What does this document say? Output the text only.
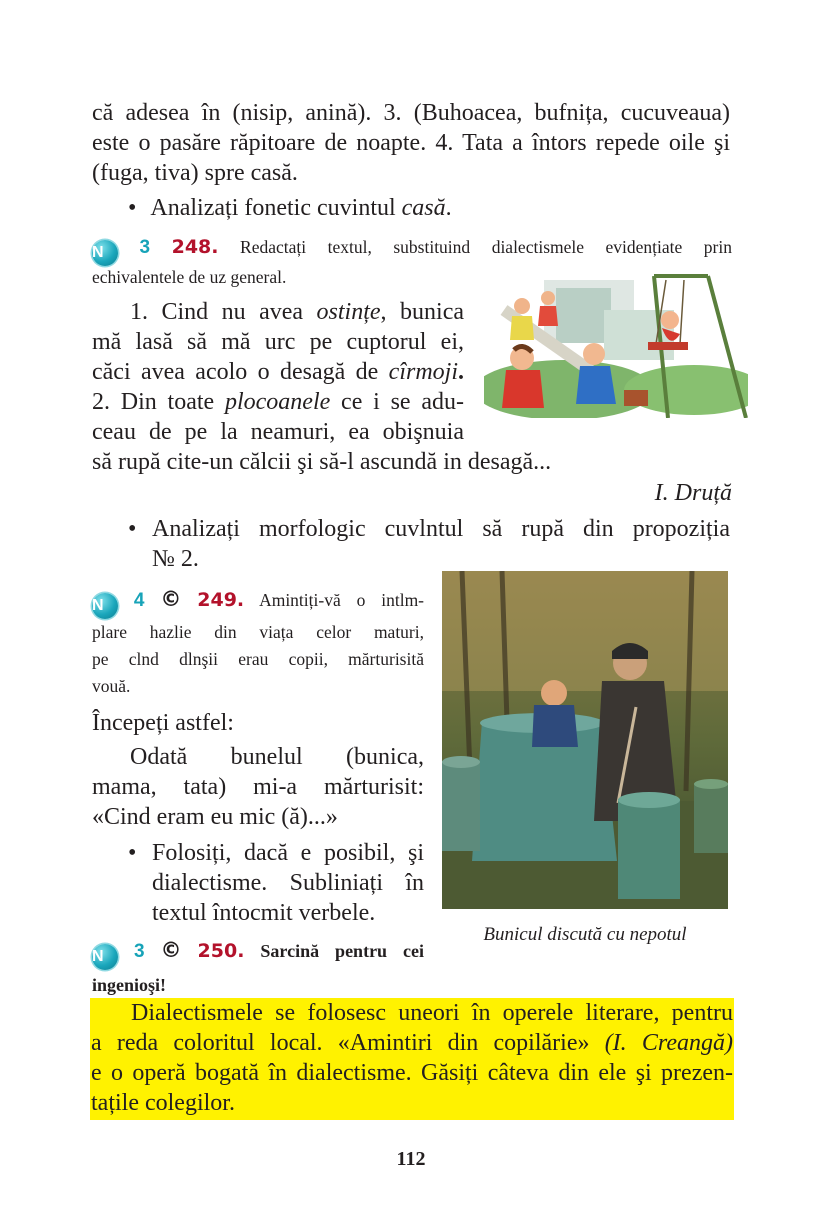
că adesea în (nisip, anină). 3. (Buhoacea, bufnița, cucuveaua)
este o pasăre răpitoare de noapte. 4. Tata a întors repede oile şi
(fuga, tiva) spre casă.
• Analizați fonetic cuvintul casă.
N 3 248. Redactați textul, substituind dialectismele evidențiate prin
echivalentele de uz general.
1. Cind nu avea ostințe, bunica
mă lasă să mă urc pe cuptorul ei,
căci avea acolo o desagă de cîrmoji.
2. Din toate plocoanele ce i se adu-
ceau de pe la neamuri, ea obişnuia
să rupă cite-un călcii şi să-l ascundă in desagă...
I. Druță
• Analizați morfologic cuvlntul să rupă din propoziția
№ 2.
N 4 © 249. Amintiți-vă o intlm-
plare hazlie din viața celor maturi,
pe clnd dlnşii erau copii, mărturisită
vouă.
Începeți astfel:
Odată bunelul (bunica,
mama, tata) mi-a mărturisit:
«Cind eram eu mic (ă)...»
• Folosiți, dacă e posibil, şi
dialectisme. Subliniați în
textul întocmit verbele.
Bunicul discută cu nepotul
N 3 © 250. Sarcină pentru cei
ingenioşi!
Dialectismele se folosesc uneori în operele literare, pentru
a reda coloritul local. «Amintiri din copilărie» (I. Creangă)
e o operă bogată în dialectisme. Găsiți câteva din ele şi prezen-
tațile colegilor.
112
